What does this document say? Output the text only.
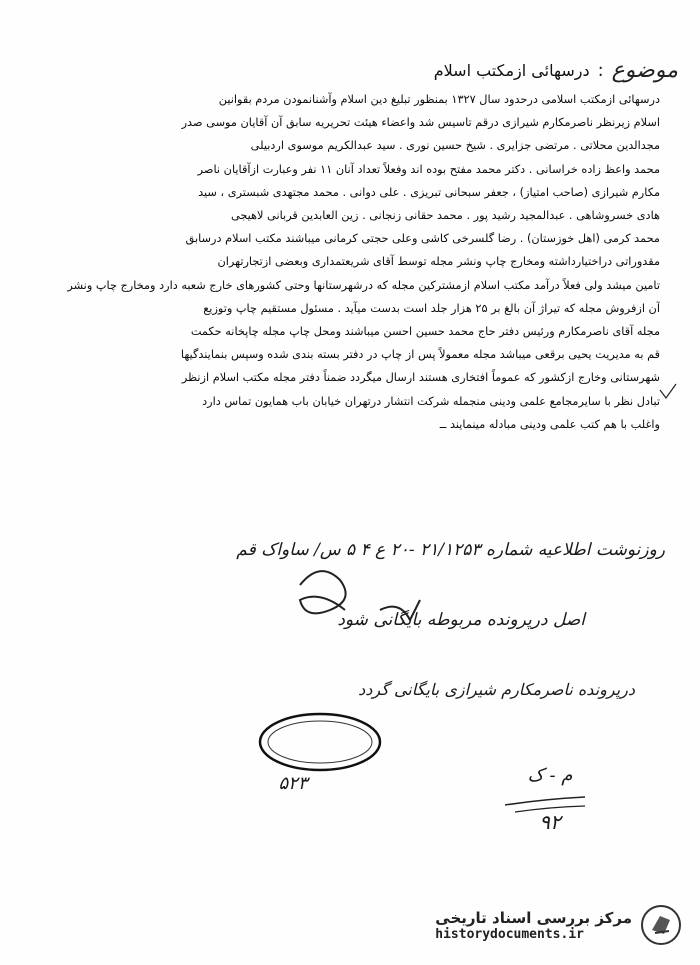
موضوع
:
درسهائی ازمکتب اسلام
درسهائی ازمکتب اسلامی درحدود سال ۱۳۲۷ بمنظور تبلیغ دین اسلام وآشنانمودن مردم بقوانین
اسلام زیرنظر ناصرمکارم شیرازی درقم تاسیس شد واعضاء هیئت تحریریه سابق آن آقایان موسی صدر
مجدالدین محلاتی . مرتضی جزایری . شیخ حسین نوری . سید عبدالکریم موسوی اردبیلی
محمد واعظ زاده خراسانی . دکتر محمد مفتح بوده اند وفعلاً تعداد آنان ۱۱ نفر وعبارت ازآقایان ناصر
مکارم شیرازی (صاحب امتیاز) ، جعفر سبحانی تبریزی . علی دوانی . محمد مجتهدی شبستری ، سید
هادی خسروشاهی . عبدالمجید رشید پور . محمد حقانی زنجانی . زین العابدین قربانی لاهیجی
محمد کرمی (اهل خوزستان) . رضا گلسرخی کاشی وعلی حجتی کرمانی میباشند مکتب اسلام درسابق
مقدوراتی دراختیارداشته ومخارج چاپ ونشر مجله توسط آقای شریعتمداری وبعضی ازتجارتهران
تامین میشد ولی فعلاً درآمد مکتب اسلام ازمشترکین مجله که درشهرستانها وحتی کشورهای خارج شعبه دارد ومخارج چاپ ونشر
آن ازفروش مجله که تیراژ آن بالغ بر ۲۵ هزار جلد است بدست میآید . مسئول مستقیم چاپ وتوزیع
مجله آقای ناصرمکارم ورئیس دفتر حاج محمد حسین احسن میباشند ومحل چاپ مجله چاپخانه حکمت
قم به مدیریت یحیی برقعی میباشد مجله معمولاً پس از چاپ در دفتر بسته بندی شده وسپس بنمایندگیها
شهرستانی وخارج ازکشور که عموماً افتخاری هستند ارسال میگردد ضمناً دفتر مجله مکتب اسلام ازنظر
تبادل نظر با سایرمجامع علمی ودینی منجمله شرکت انتشار درتهران خیابان باب همایون تماس دارد
واغلب با هم کتب علمی ودینی مبادله مینمایند ــ
روزنوشت اطلاعیه شماره ۲۱/۱۲۵۳ -۲۰ ع ۴ ۵ س/ ساواک قم
اصل درپرونده مربوطه بایگانی شود
درپرونده ناصرمکارم شیرازی بایگانی گردد
م - ک
۹۲
۵۲۳
مرکز بررسی اسناد تاریخی
historydocuments.ir
